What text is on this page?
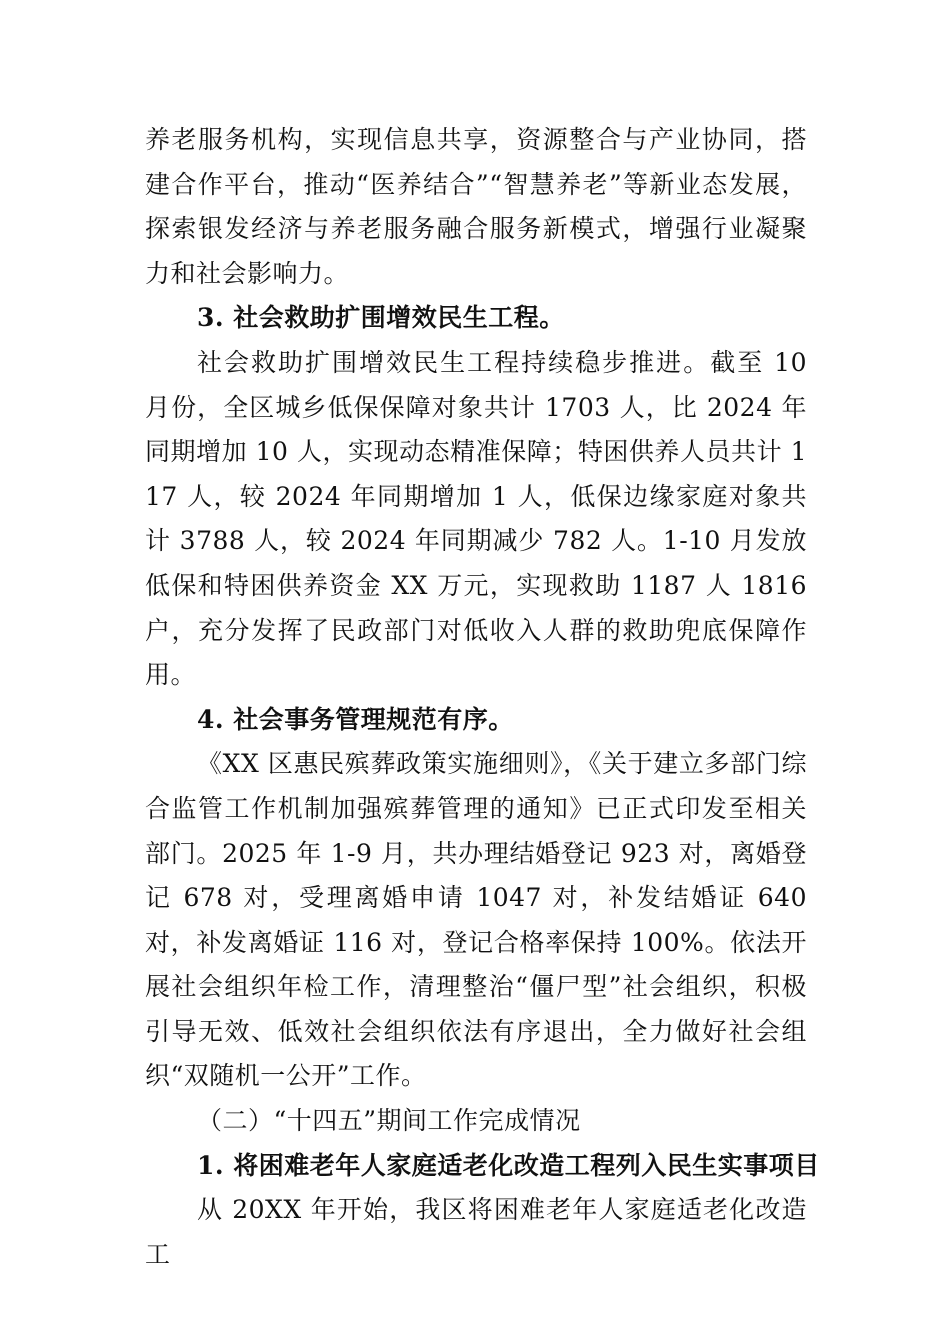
养老服务机构，实现信息共享，资源整合与产业协同，搭建合作平台，推动“医养结合”“智慧养老”等新业态发展，探索银发经济与养老服务融合服务新模式，增强行业凝聚力和社会影响力。

3. 社会救助扩围增效民生工程。

社会救助扩围增效民生工程持续稳步推进。截至 10 月份，全区城乡低保保障对象共计 1703 人，比 2024 年同期增加 10 人，实现动态精准保障；特困供养人员共计 117 人，较 2024 年同期增加 1 人，低保边缘家庭对象共计 3788 人，较 2024 年同期减少 782 人。1-10 月发放低保和特困供养资金 XX 万元，实现救助 1187 人 1816 户，充分发挥了民政部门对低收入人群的救助兜底保障作用。

4. 社会事务管理规范有序。

《XX 区惠民殡葬政策实施细则》，《关于建立多部门综合监管工作机制加强殡葬管理的通知》已正式印发至相关部门。2025 年 1-9 月，共办理结婚登记 923 对，离婚登记 678 对，受理离婚申请 1047 对，补发结婚证 640 对，补发离婚证 116 对，登记合格率保持 100%。依法开展社会组织年检工作，清理整治“僵尸型”社会组织，积极引导无效、低效社会组织依法有序退出，全力做好社会组织“双随机一公开”工作。

（二）“十四五”期间工作完成情况

1. 将困难老年人家庭适老化改造工程列入民生实事项目

从 20XX 年开始，我区将困难老年人家庭适老化改造工
